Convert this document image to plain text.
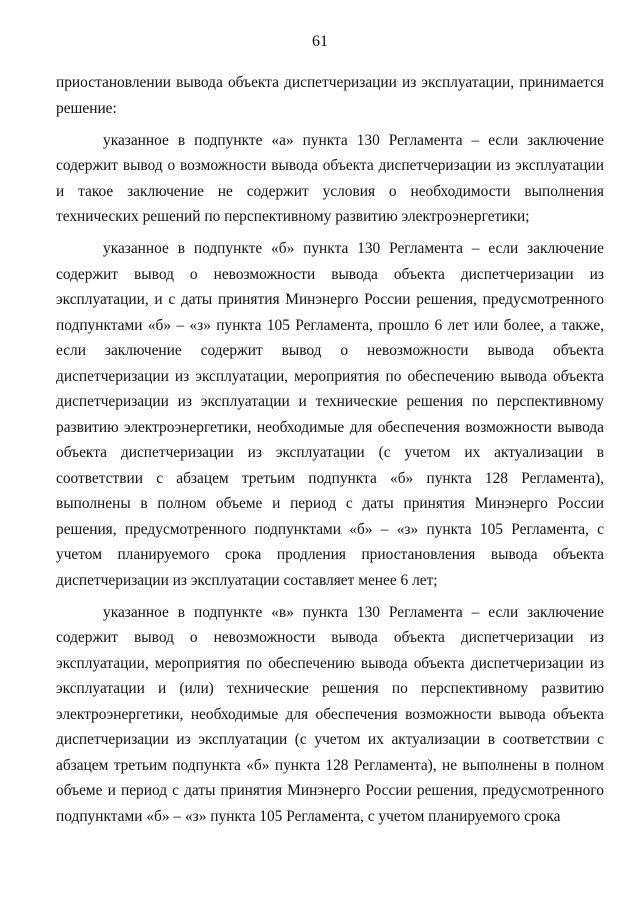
61

приостановлении вывода объекта диспетчеризации из эксплуатации, принимается решение:

указанное в подпункте «а» пункта 130 Регламента – если заключение содержит вывод о возможности вывода объекта диспетчеризации из эксплуатации и такое заключение не содержит условия о необходимости выполнения технических решений по перспективному развитию электроэнергетики;

указанное в подпункте «б» пункта 130 Регламента – если заключение содержит вывод о невозможности вывода объекта диспетчеризации из эксплуатации, и с даты принятия Минэнерго России решения, предусмотренного подпунктами «б» – «з» пункта 105 Регламента, прошло 6 лет или более, а также, если заключение содержит вывод о невозможности вывода объекта диспетчеризации из эксплуатации, мероприятия по обеспечению вывода объекта диспетчеризации из эксплуатации и технические решения по перспективному развитию электроэнергетики, необходимые для обеспечения возможности вывода объекта диспетчеризации из эксплуатации (с учетом их актуализации в соответствии с абзацем третьим подпункта «б» пункта 128 Регламента), выполнены в полном объеме и период с даты принятия Минэнерго России решения, предусмотренного подпунктами «б» – «з» пункта 105 Регламента, с учетом планируемого срока продления приостановления вывода объекта диспетчеризации из эксплуатации составляет менее 6 лет;

указанное в подпункте «в» пункта 130 Регламента – если заключение содержит вывод о невозможности вывода объекта диспетчеризации из эксплуатации, мероприятия по обеспечению вывода объекта диспетчеризации из эксплуатации и (или) технические решения по перспективному развитию электроэнергетики, необходимые для обеспечения возможности вывода объекта диспетчеризации из эксплуатации (с учетом их актуализации в соответствии с абзацем третьим подпункта «б» пункта 128 Регламента), не выполнены в полном объеме и период с даты принятия Минэнерго России решения, предусмотренного подпунктами «б» – «з» пункта 105 Регламента, с учетом планируемого срока
